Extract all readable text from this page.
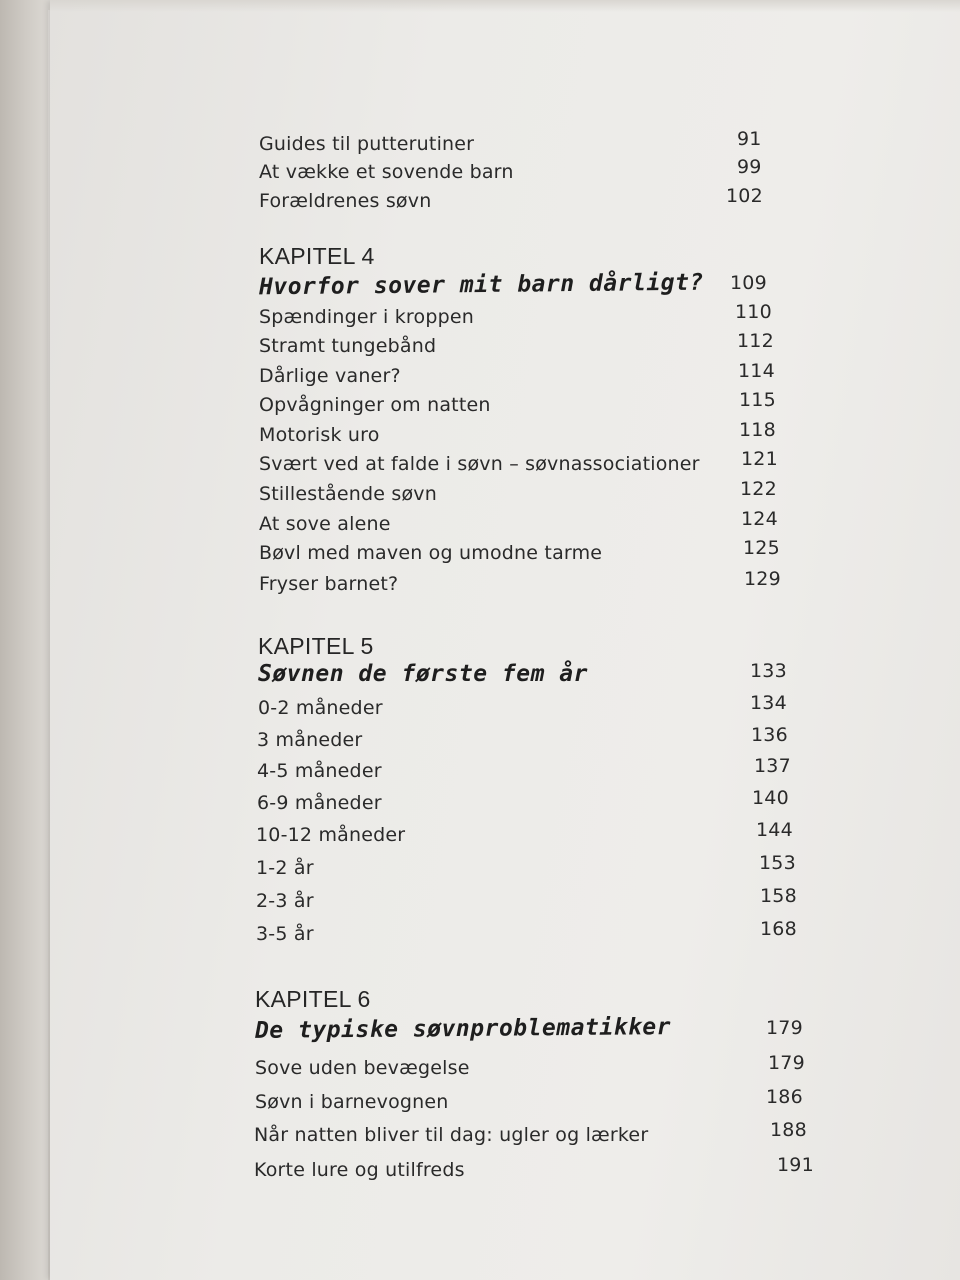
Guides til putterutiner	91
At vække et sovende barn	99
Forældrenes søvn	102
KAPITEL 4
Hvorfor sover mit barn dårligt? 109
Spændinger i kroppen	110
Stramt tungebånd	112
Dårlige vaner?	114
Opvågninger om natten	115
Motorisk uro	118
Svært ved at falde i søvn – søvnassociationer 121
Stillestående søvn	122
At sove alene	124
Bøvl med maven og umodne tarme	125
Fryser barnet?	129
KAPITEL 5
Søvnen de første fem år	133
0-2 måneder	134
3 måneder	136
4-5 måneder	137
6-9 måneder	140
10-12 måneder	144
1-2 år	153
2-3 år	158
3-5 år	168
KAPITEL 6
De typiske søvnproblematikker	179
Sove uden bevægelse	179
Søvn i barnevognen	186
Når natten bliver til dag: ugler og lærker	188
Korte lure og utilfreds	191
